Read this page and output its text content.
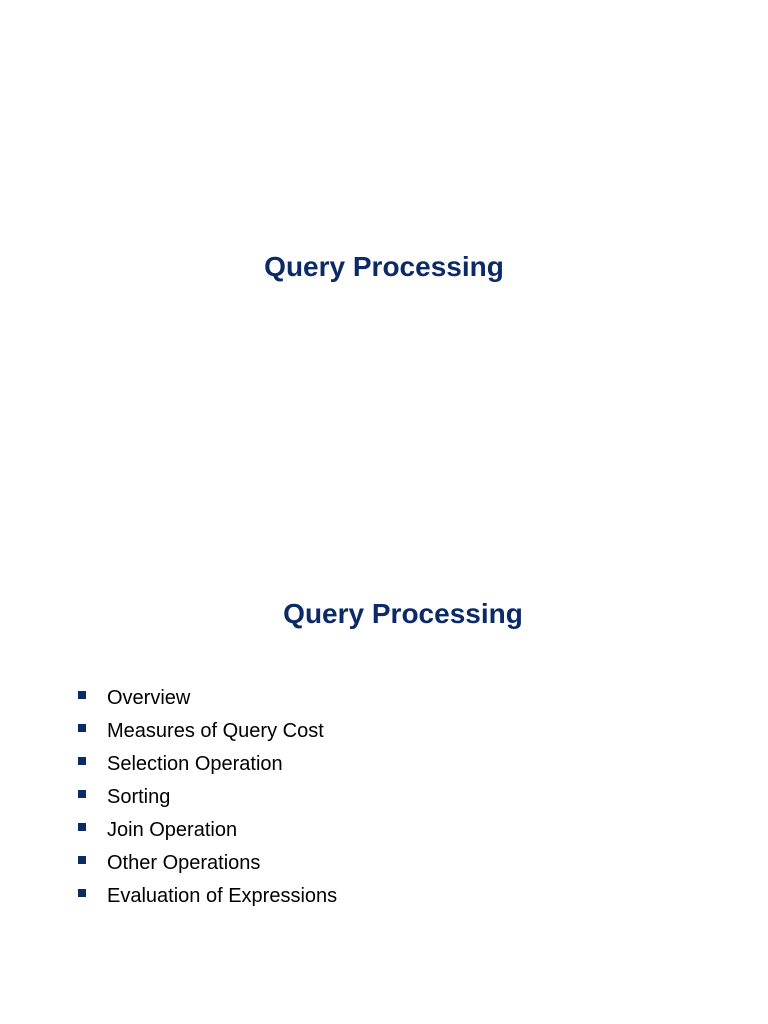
Query Processing
Query Processing
Overview
Measures of Query Cost
Selection Operation
Sorting
Join Operation
Other Operations
Evaluation of Expressions
